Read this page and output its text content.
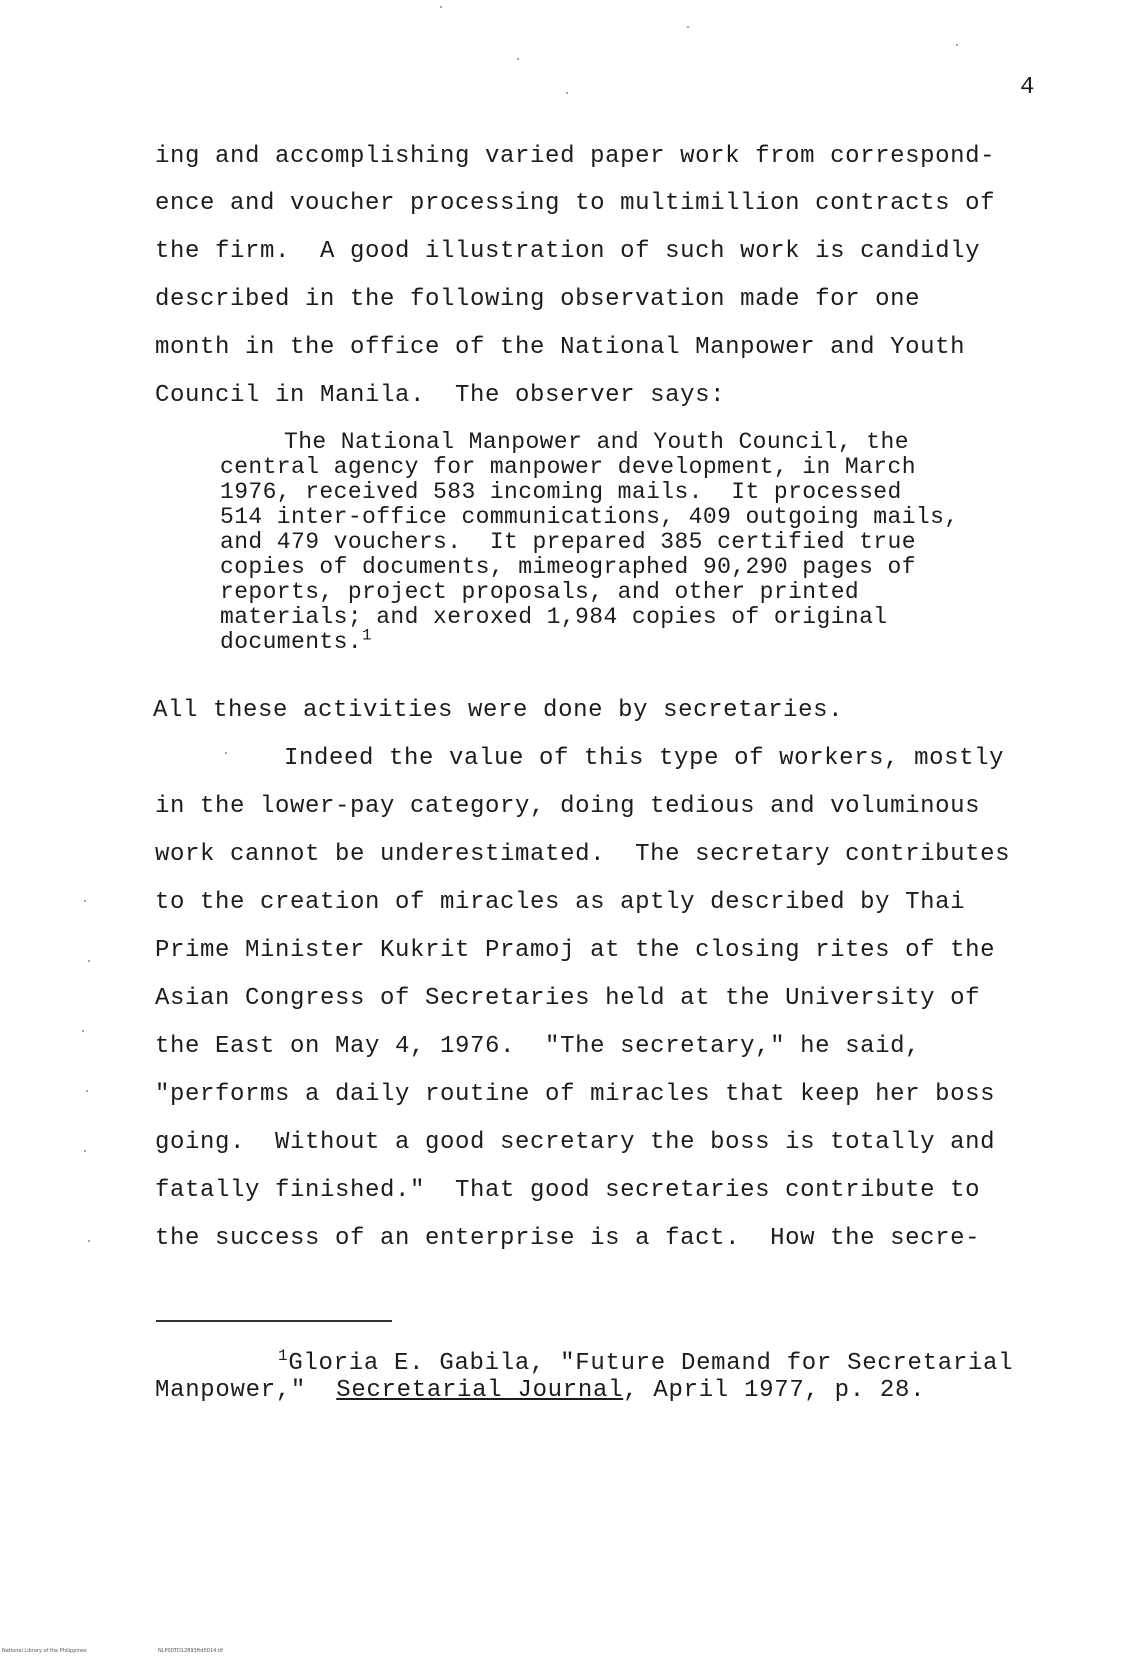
4
ing and accomplishing varied paper work from correspond-
ence and voucher processing to multimillion contracts of
the firm.  A good illustration of such work is candidly
described in the following observation made for one
month in the office of the National Manpower and Youth
Council in Manila.  The observer says:
The National Manpower and Youth Council, the
central agency for manpower development, in March
1976, received 583 incoming mails.  It processed
514 inter-office communications, 409 outgoing mails,
and 479 vouchers.  It prepared 385 certified true
copies of documents, mimeographed 90,290 pages of
reports, project proposals, and other printed
materials; and xeroxed 1,984 copies of original
documents.$^1$
All these activities were done by secretaries.
Indeed the value of this type of workers, mostly
in the lower-pay category, doing tedious and voluminous
work cannot be underestimated.  The secretary contributes
to the creation of miracles as aptly described by Thai
Prime Minister Kukrit Pramoj at the closing rites of the
Asian Congress of Secretaries held at the University of
the East on May 4, 1976.  "The secretary," he said,
"performs a daily routine of miracles that keep her boss
going.  Without a good secretary the boss is totally and
fatally finished."  That good secretaries contribute to
the success of an enterprise is a fact.  How the secre-
$^1$Gloria E. Gabila, "Future Demand for Secretarial
Manpower,"  Secretarial Journal, April 1977, p. 28.
National Library of the Philippines	NLP00TD12893ftd0014.tif
